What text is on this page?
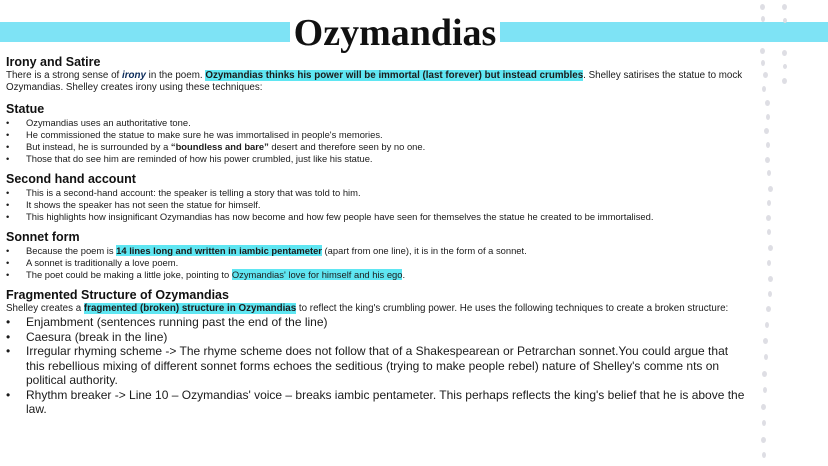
Ozymandias
Irony and Satire
There is a strong sense of irony in the poem. Ozymandias thinks his power will be immortal (last forever) but instead crumbles. Shelley satirises the statue to mock Ozymandias. Shelley creates irony using these techniques:
Statue
• Ozymandias uses an authoritative tone.
• He commissioned the statue to make sure he was immortalised in people's memories.
• But instead, he is surrounded by a “boundless and bare” desert and therefore seen by no one.
• Those that do see him are reminded of how his power crumbled, just like his statue.
Second hand account
• This is a second-hand account: the speaker is telling a story that was told to him.
• It shows the speaker has not seen the statue for himself.
• This highlights how insignificant Ozymandias has now become and how few people have seen for themselves the statue he created to be immortalised.
Sonnet form
• Because the poem is 14 lines long and written in iambic pentameter (apart from one line), it is in the form of a sonnet.
• A sonnet is traditionally a love poem.
• The poet could be making a little joke, pointing to Ozymandias' love for himself and his ego.
Fragmented Structure of Ozymandias
Shelley creates a fragmented (broken) structure in Ozymandias to reflect the king's crumbling power. He uses the following techniques to create a broken structure:
• Enjambment (sentences running past the end of the line)
• Caesura (break in the line)
• Irregular rhyming scheme -> The rhyme scheme does not follow that of a Shakespearean or Petrarchan sonnet.You could argue that this rebellious mixing of different sonnet forms echoes the seditious (trying to make people rebel) nature of Shelley's comme nts on political authority.
• Rhythm breaker -> Line 10 – Ozymandias' voice – breaks iambic pentameter. This perhaps reflects the king's belief that he is above the law.
